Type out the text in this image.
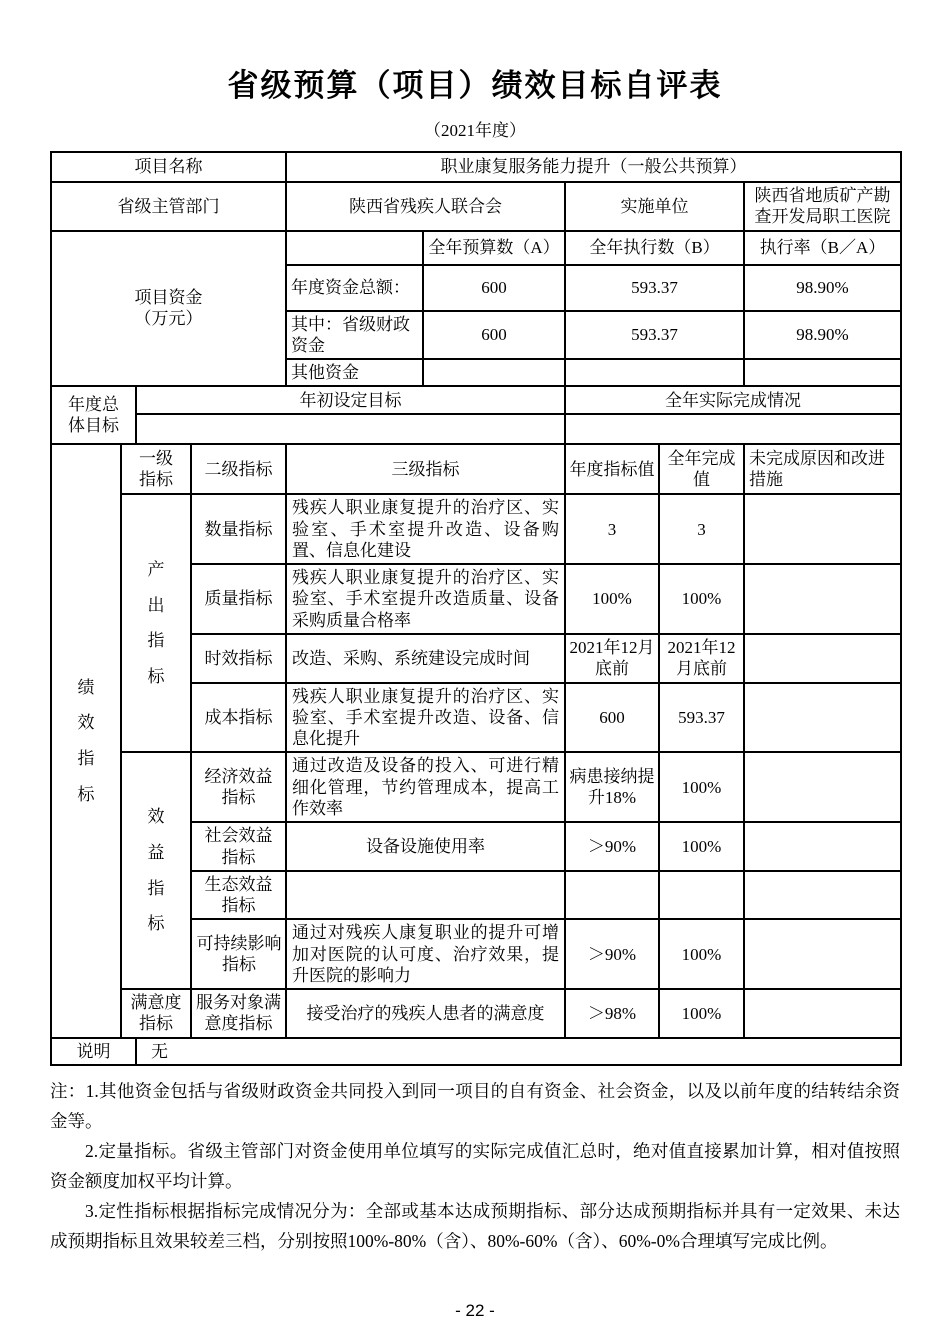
省级预算（项目）绩效目标自评表
（2021年度）
项目名称	职业康复服务能力提升（一般公共预算）			
省级主管部门	陕西省残疾人联合会		实施单位	陕西省地质矿产勘查开发局职工医院

项目资金（万元）		全年预算数（A）	全年执行数（B）	执行率（B／A）
	年度资金总额：	600	593.37	98.90%
	其中：省级财政资金	600	593.37	98.90%
	其他资金			
年度总体目标	年初设定目标	全年实际完成情况

绩效指标	一级指标	二级指标	三级指标	年度指标值	全年完成值	未完成原因和改进措施

	产出指标	数量指标	残疾人职业康复提升的治疗区、实验室、手术室提升改造、设备购置、信息化建设	3	3	
		质量指标	残疾人职业康复提升的治疗区、实验室、手术室提升改造质量、设备采购质量合格率	100%	100%	
		时效指标	改造、采购、系统建设完成时间	2021年12月底前	2021年12月底前	
		成本指标	残疾人职业康复提升的治疗区、实验室、手术室提升改造、设备、信息化提升	600	593.37	

	效益指标	经济效益指标	通过改造及设备的投入、可进行精细化管理，节约管理成本，提高工作效率	病患接纳提升18%	100%	

		社会效益指标	设备设施使用率	＞90%	100%	

		生态效益指标				

		可持续影响指标	通过对残疾人康复职业的提升可增加对医院的认可度、治疗效果，提升医院的影响力	＞90%	100%	
	满意度指标	服务对象满意度指标	接受治疗的残疾人患者的满意度	＞98%	100%	
说明	无

注：1.其他资金包括与省级财政资金共同投入到同一项目的自有资金、社会资金，以及以前年度的结转结余资金等。

2.定量指标。省级主管部门对资金使用单位填写的实际完成值汇总时，绝对值直接累加计算，相对值按照资金额度加权平均计算。

3.定性指标根据指标完成情况分为：全部或基本达成预期指标、部分达成预期指标并具有一定效果、未达成预期指标且效果较差三档，分别按照100%-80%（含）、80%-60%（含）、60%-0%合理填写完成比例。

- 22 -
